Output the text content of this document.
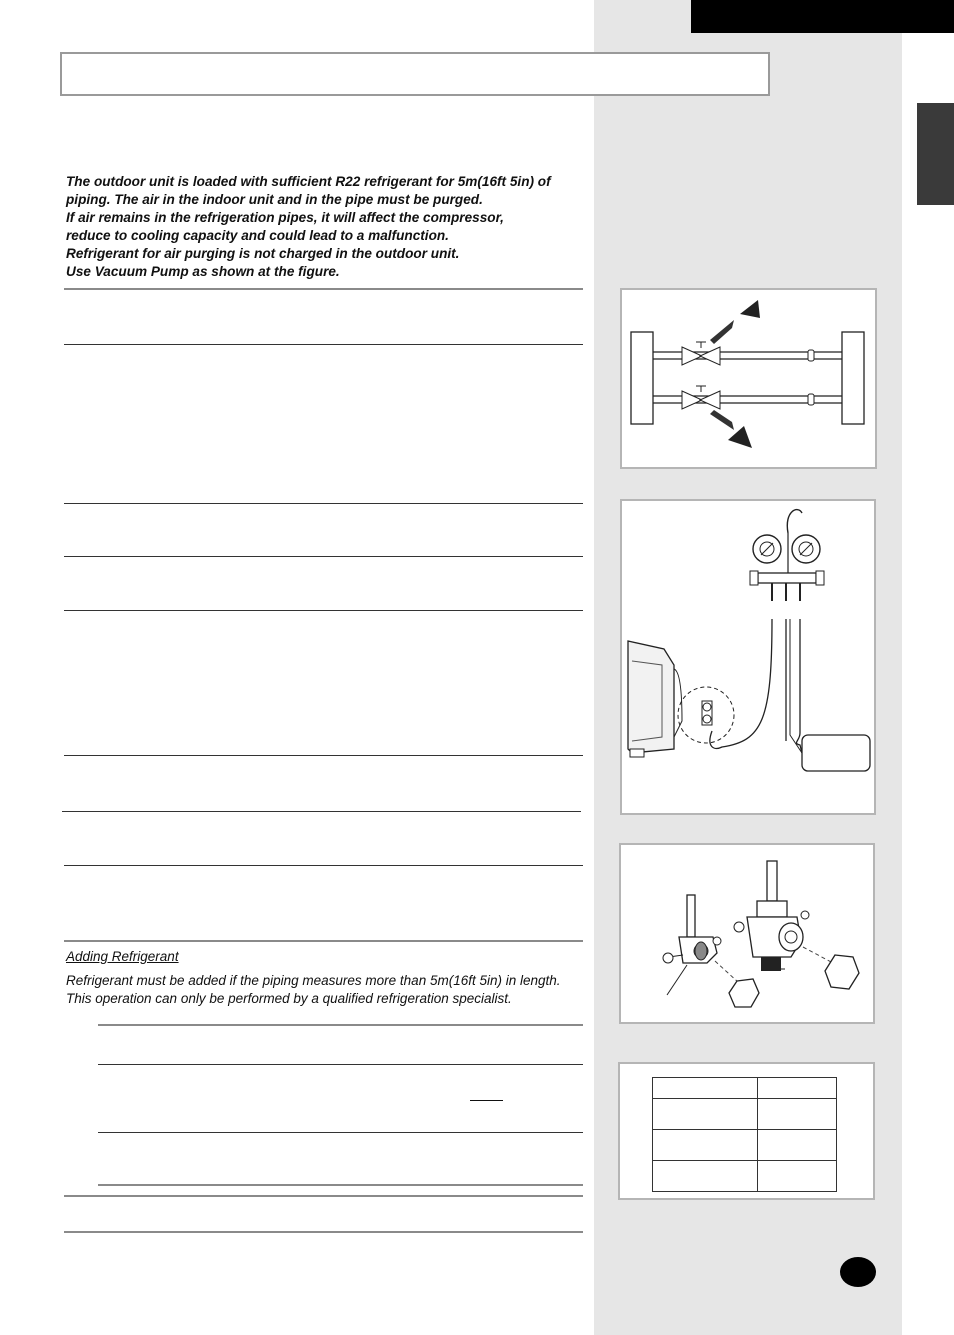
The outdoor unit is loaded with sufficient R22 refrigerant for 5m(16ft 5in) of

piping. The air in the indoor unit and in the pipe must be purged.

If air remains in the refrigeration pipes, it will affect the compressor,

reduce to cooling capacity and could lead to a malfunction.

Refrigerant for air purging is not charged in the outdoor unit.

Use Vacuum Pump as shown at the figure.

Adding Refrigerant

Refrigerant must be added if the piping measures more than 5m(16ft 5in) in length.

This operation can only be performed by a qualified refrigeration specialist.
